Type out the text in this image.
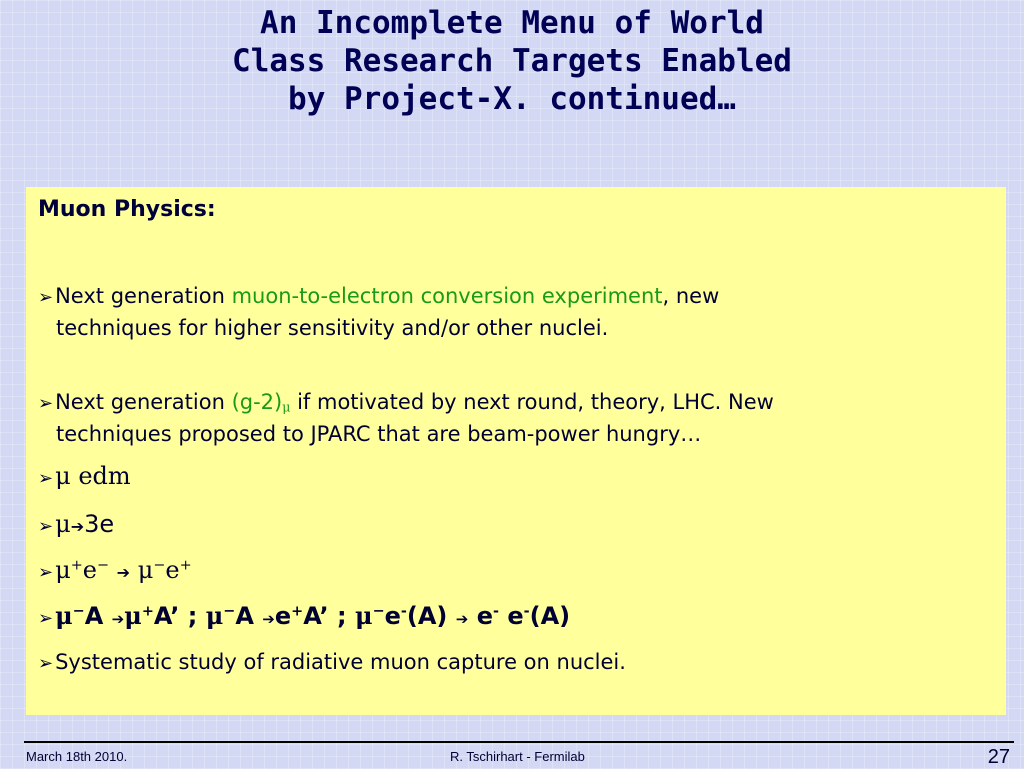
An Incomplete Menu of World
Class Research Targets Enabled
by Project-X. continued…
Muon Physics:
➢Next generation muon-to-electron conversion experiment, new
techniques for higher sensitivity and/or other nuclei.
➢Next generation $(g-2)_\mu$ if motivated by next round, theory, LHC. New
techniques proposed to JPARC that are beam-power hungry…
➢μ edm
➢μ➔3e
➢μ+e− ➔ μ−e+
➢μ−A ➔μ+A’ ; μ−A ➔e+A’ ; μ−e-(A) ➔ e- e-(A)
➢Systematic study of radiative muon capture on nuclei.
March 18th 2010.	R. Tschirhart - Fermilab	27
